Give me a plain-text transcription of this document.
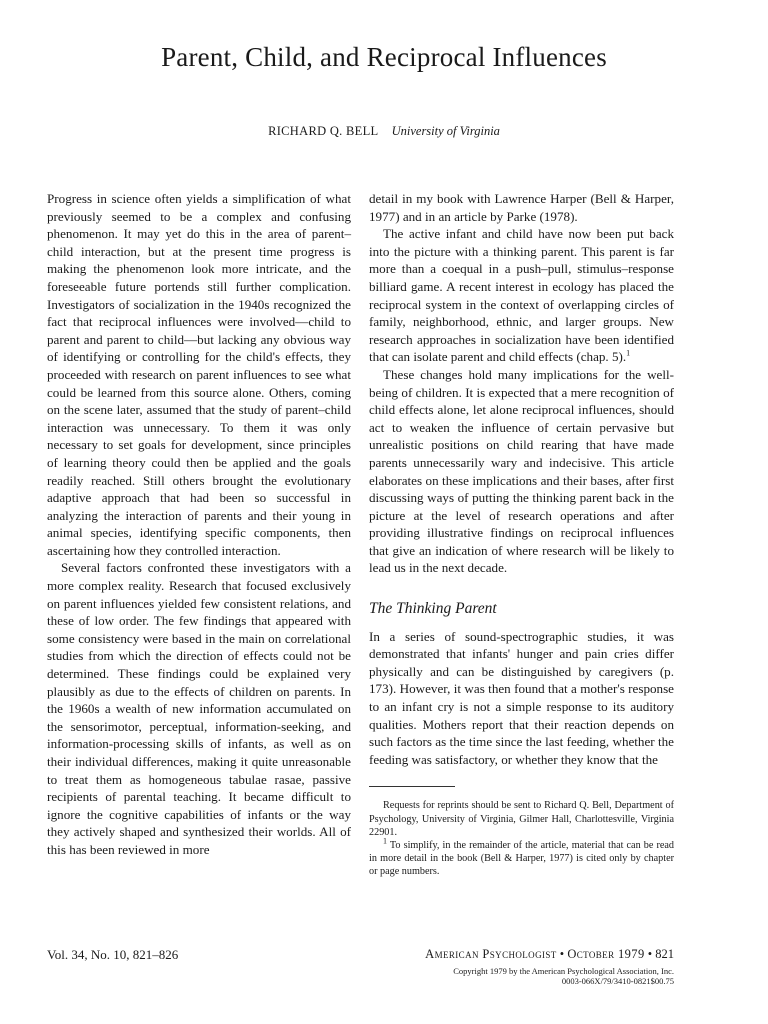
Parent, Child, and Reciprocal Influences
RICHARD Q. BELL University of Virginia

Progress in science often yields a simplification of what previously seemed to be a complex and confusing phenomenon. It may yet do this in the area of parent–child interaction, but at the present time progress is making the phenomenon look more intricate, and the foreseeable future portends still further complication. Investigators of socialization in the 1940s recognized the fact that reciprocal influences were involved—child to parent and parent to child—but lacking any obvious way of identifying or controlling for the child's effects, they proceeded with research on parent influences to see what could be learned from this source alone. Others, coming on the scene later, assumed that the study of parent–child interaction was unnecessary. To them it was only necessary to set goals for development, since principles of learning theory could then be applied and the goals readily reached. Still others brought the evolutionary adaptive approach that had been so successful in analyzing the interaction of parents and their young in animal species, identifying specific components, then ascertaining how they controlled interaction.

Several factors confronted these investigators with a more complex reality. Research that focused exclusively on parent influences yielded few consistent relations, and these of low order. The few findings that appeared with some consistency were based in the main on correlational studies from which the direction of effects could not be determined. These findings could be explained very plausibly as due to the effects of children on parents. In the 1960s a wealth of new information accumulated on the sensorimotor, perceptual, information-seeking, and information-processing skills of infants, as well as on their individual differences, making it quite unreasonable to treat them as homogeneous tabulae rasae, passive recipients of parental teaching. It became difficult to ignore the cognitive capabilities of infants or the way they actively shaped and synthesized their worlds. All of this has been reviewed in more

detail in my book with Lawrence Harper (Bell & Harper, 1977) and in an article by Parke (1978).

The active infant and child have now been put back into the picture with a thinking parent. This parent is far more than a coequal in a push–pull, stimulus–response billiard game. A recent interest in ecology has placed the reciprocal system in the context of overlapping circles of family, neighborhood, ethnic, and larger groups. New research approaches in socialization have been identified that can isolate parent and child effects (chap. 5).$^1$

These changes hold many implications for the well-being of children. It is expected that a mere recognition of child effects alone, let alone reciprocal influences, should act to weaken the influence of certain pervasive but unrealistic positions on child rearing that have made parents unnecessarily wary and indecisive. This article elaborates on these implications and their bases, after first discussing ways of putting the thinking parent back in the picture at the level of research operations and after providing illustrative findings on reciprocal influences that give an indication of where research will be likely to lead us in the next decade.

The Thinking Parent

In a series of sound-spectrographic studies, it was demonstrated that infants' hunger and pain cries differ physically and can be distinguished by caregivers (p. 173). However, it was then found that a mother's response to an infant cry is not a simple response to its auditory qualities. Mothers report that their reaction depends on such factors as the time since the last feeding, whether the feeding was satisfactory, or whether they know that the

Requests for reprints should be sent to Richard Q. Bell, Department of Psychology, University of Virginia, Gilmer Hall, Charlottesville, Virginia 22901.

$^1$ To simplify, in the remainder of the article, material that can be read in more detail in the book (Bell & Harper, 1977) is cited only by chapter or page numbers.

Vol. 34, No. 10, 821–826	American Psychologist • October 1979 • 821
Copyright 1979 by the American Psychological Association, Inc.
0003-066X/79/3410-0821$00.75
